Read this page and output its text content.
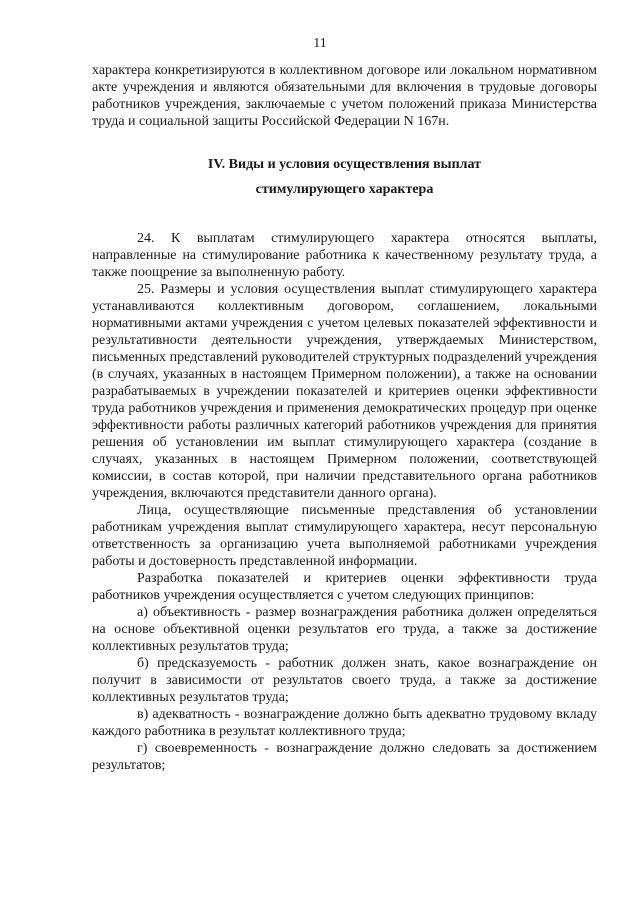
11

характера конкретизируются в коллективном договоре или локальном нормативном акте учреждения и являются обязательными для включения в трудовые договоры работников учреждения, заключаемые с учетом положений приказа Министерства труда и социальной защиты Российской Федерации N 167н.

IV. Виды и условия осуществления выплат
стимулирующего характера

24. К выплатам стимулирующего характера относятся выплаты, направленные на стимулирование работника к качественному результату труда, а также поощрение за выполненную работу.

25. Размеры и условия осуществления выплат стимулирующего характера устанавливаются коллективным договором, соглашением, локальными нормативными актами учреждения с учетом целевых показателей эффективности и результативности деятельности учреждения, утверждаемых Министерством, письменных представлений руководителей структурных подразделений учреждения (в случаях, указанных в настоящем Примерном положении), а также на основании разрабатываемых в учреждении показателей и критериев оценки эффективности труда работников учреждения и применения демократических процедур при оценке эффективности работы различных категорий работников учреждения для принятия решения об установлении им выплат стимулирующего характера (создание в случаях, указанных в настоящем Примерном положении, соответствующей комиссии, в состав которой, при наличии представительного органа работников учреждения, включаются представители данного органа).

Лица, осуществляющие письменные представления об установлении работникам учреждения выплат стимулирующего характера, несут персональную ответственность за организацию учета выполняемой работниками учреждения работы и достоверность представленной информации.

Разработка показателей и критериев оценки эффективности труда работников учреждения осуществляется с учетом следующих принципов:

а) объективность - размер вознаграждения работника должен определяться на основе объективной оценки результатов его труда, а также за достижение коллективных результатов труда;

б) предсказуемость - работник должен знать, какое вознаграждение он получит в зависимости от результатов своего труда, а также за достижение коллективных результатов труда;

в) адекватность - вознаграждение должно быть адекватно трудовому вкладу каждого работника в результат коллективного труда;

г) своевременность - вознаграждение должно следовать за достижением результатов;
